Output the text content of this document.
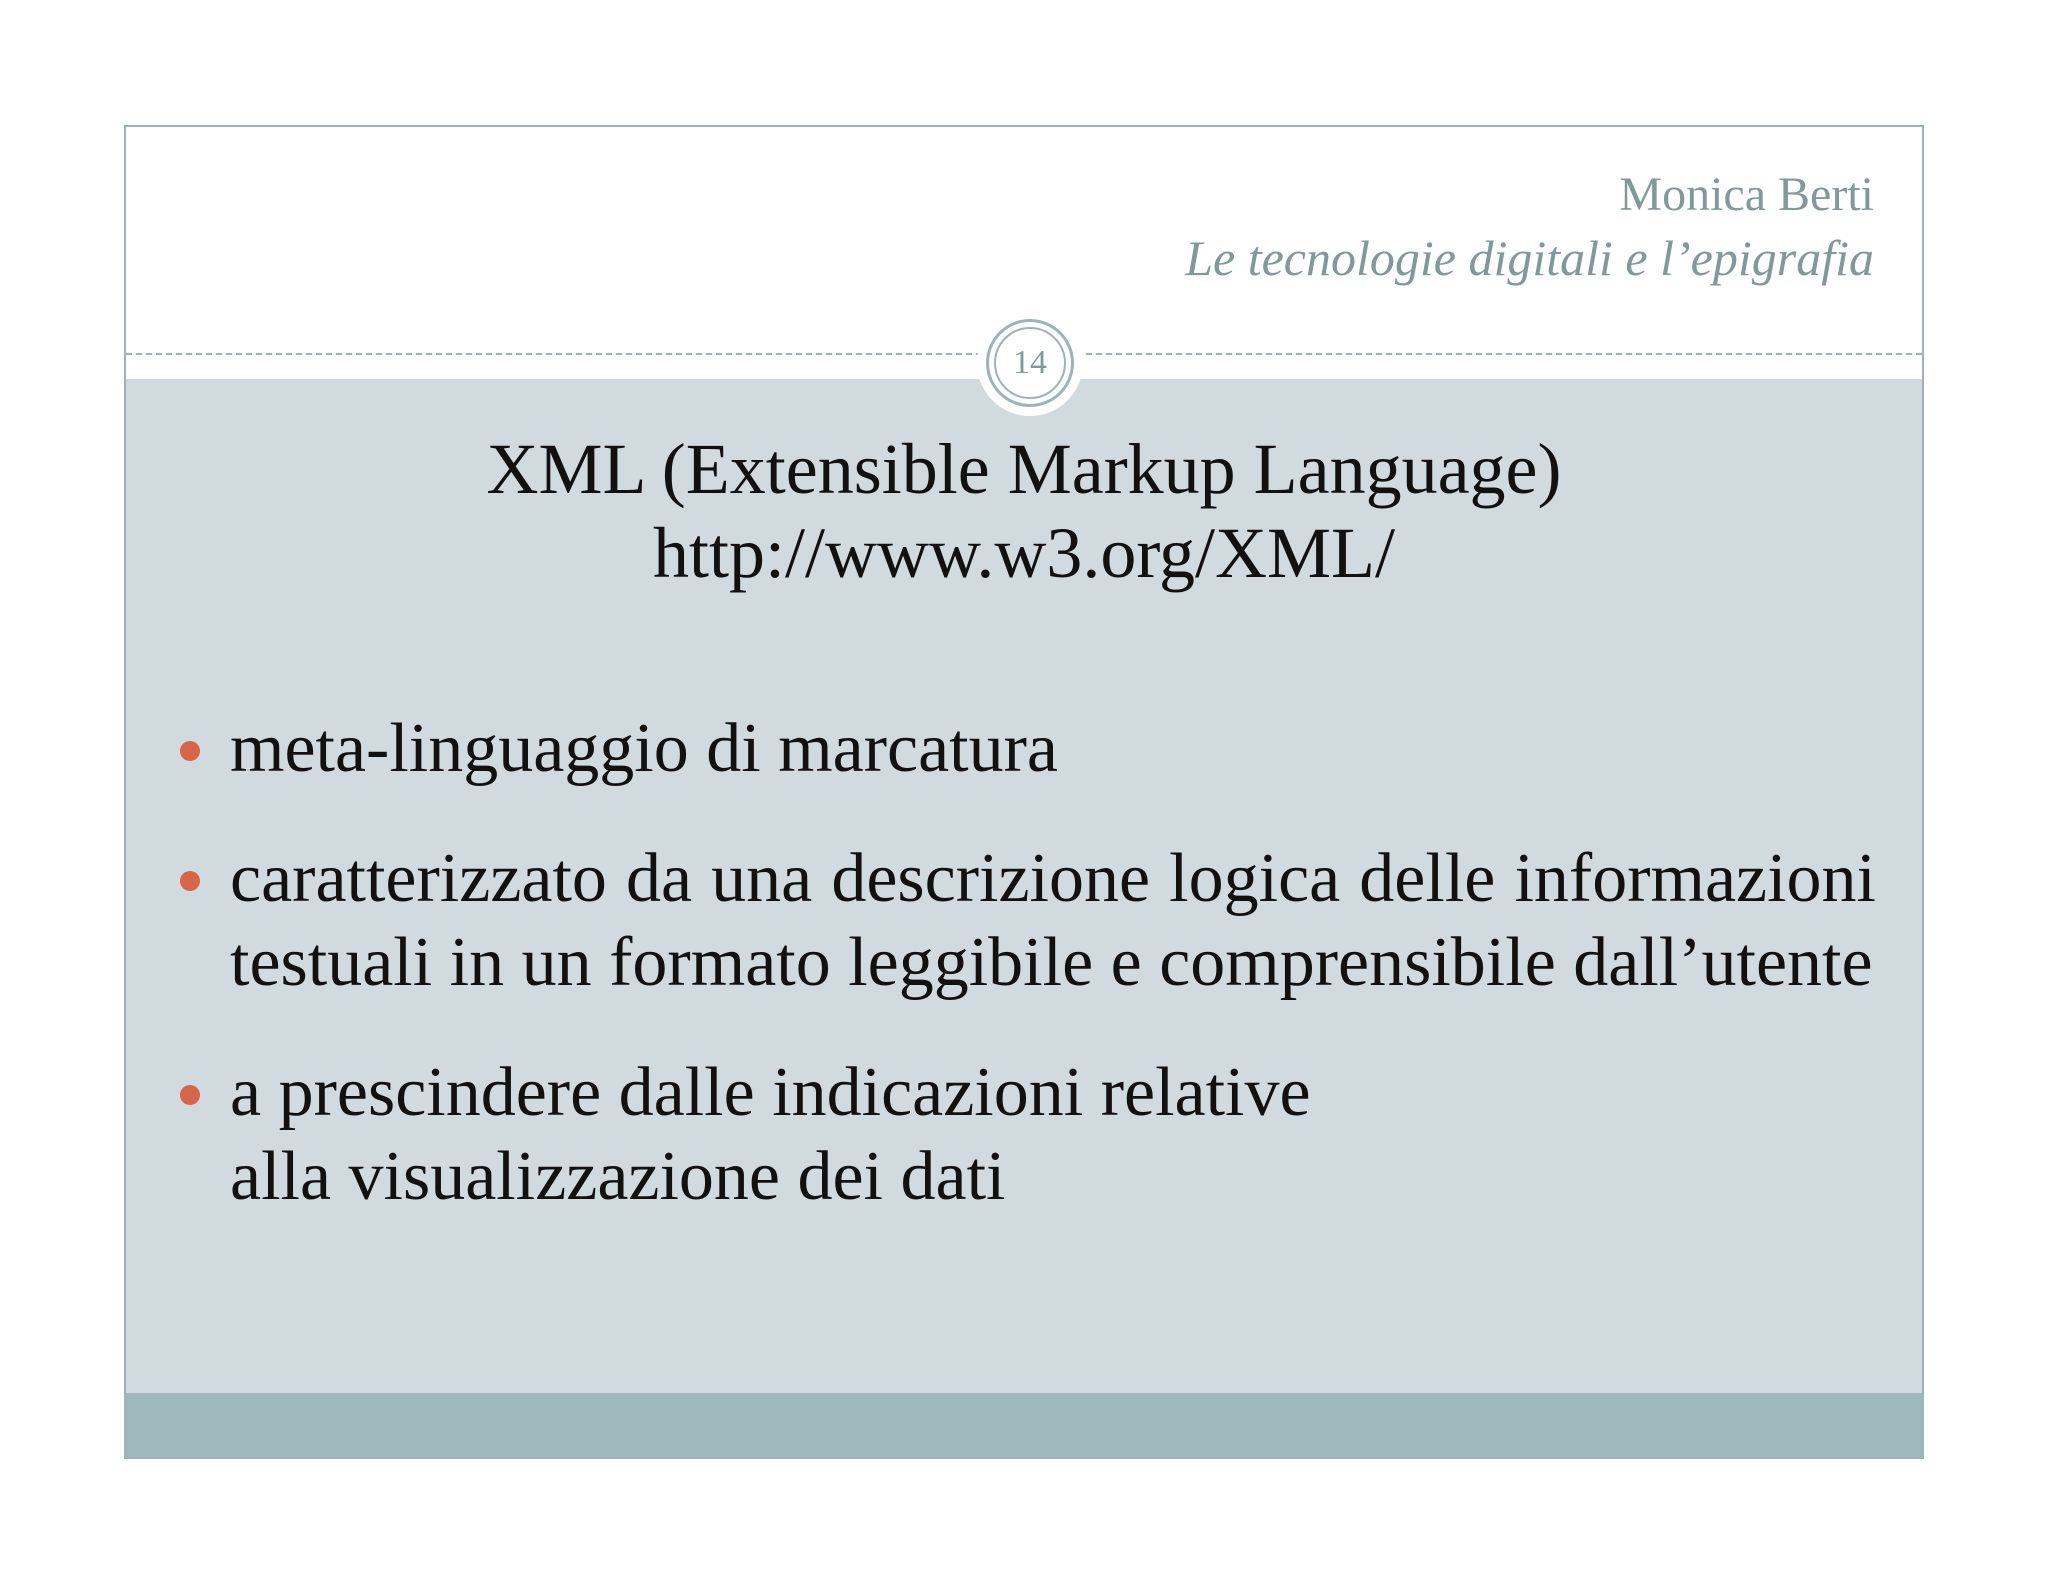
Monica Berti
Le tecnologie digitali e l’epigrafia
14
XML (Extensible Markup Language)
http://www.w3.org/XML/
meta-linguaggio di marcatura
caratterizzato da una descrizione logica delle informazioni testuali in un formato leggibile e comprensibile dall’utente
a prescindere dalle indicazioni relative
alla visualizzazione dei dati
